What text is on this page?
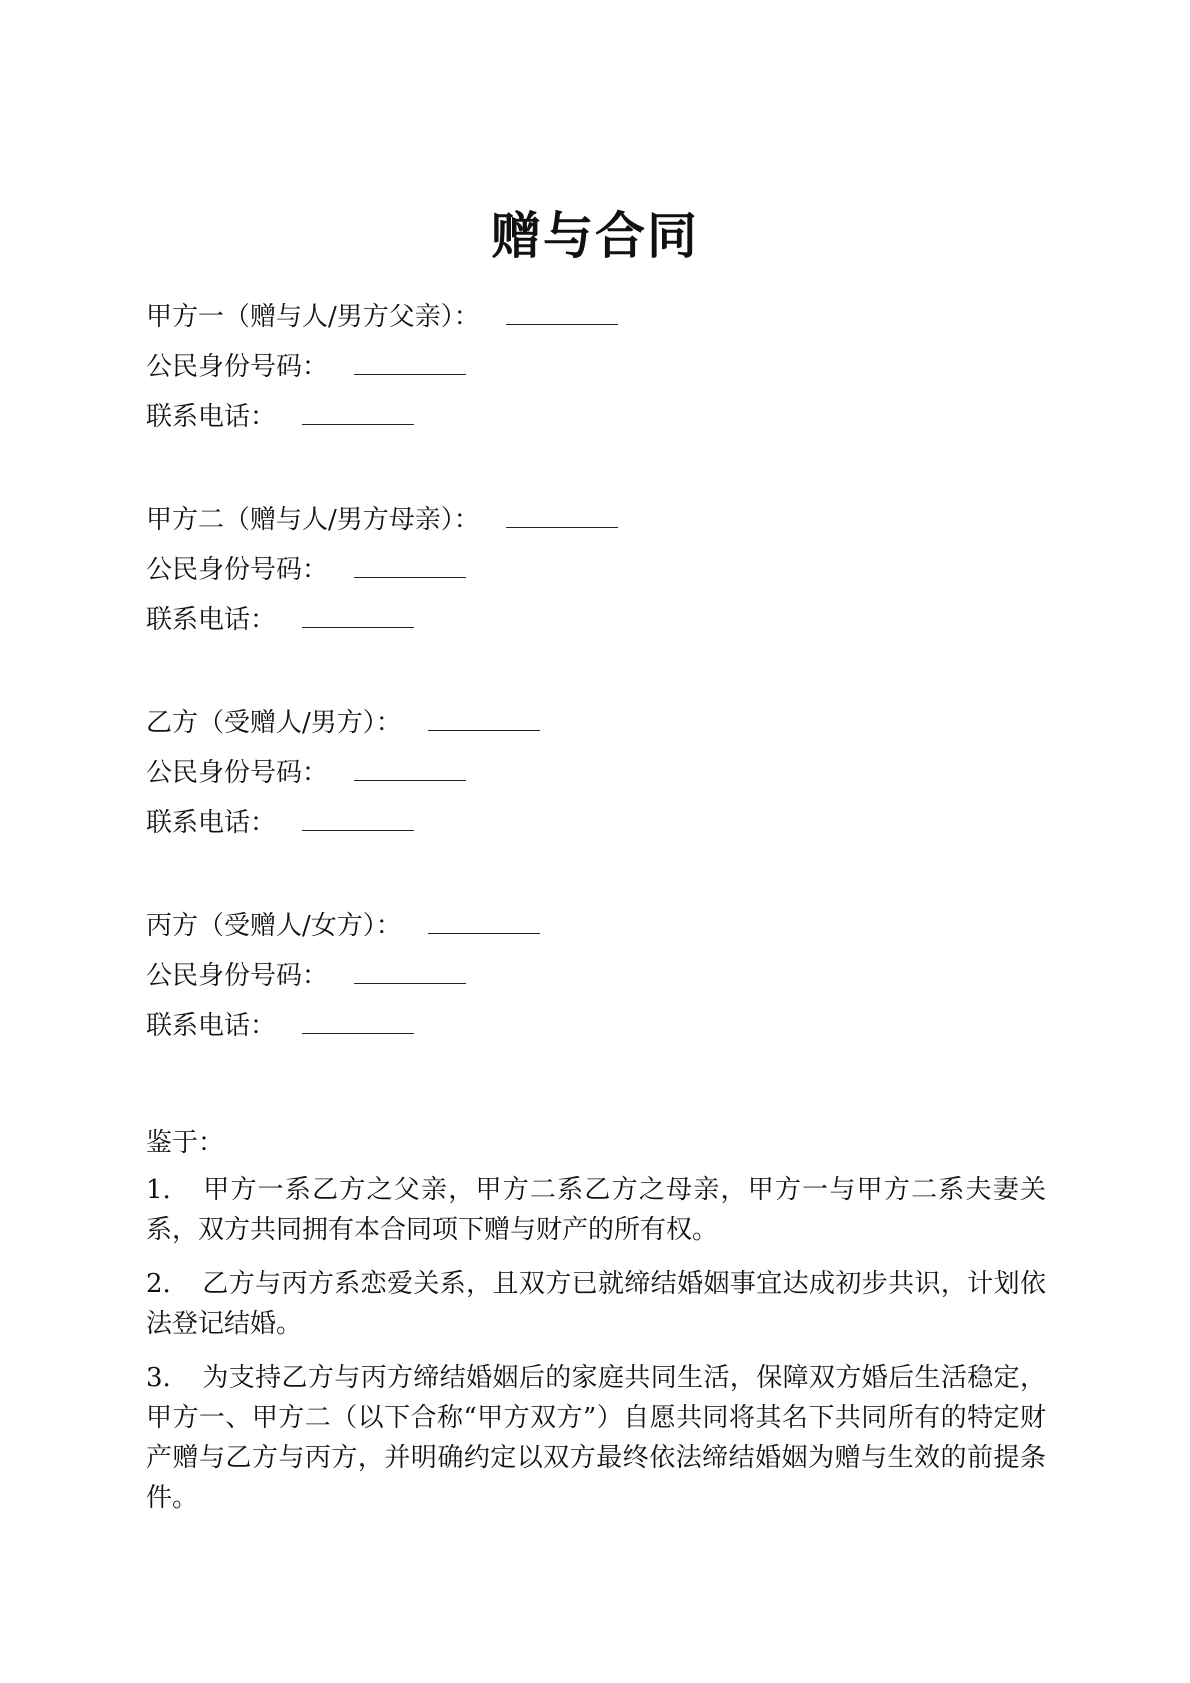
赠与合同
甲方一（赠与人/男方父亲）：
公民身份号码：
联系电话：
甲方二（赠与人/男方母亲）：
公民身份号码：
联系电话：
乙方（受赠人/男方）：
公民身份号码：
联系电话：
丙方（受赠人/女方）：
公民身份号码：
联系电话：
鉴于：
1. 甲方一系乙方之父亲，甲方二系乙方之母亲，甲方一与甲方二系夫妻关系，双方共同拥有本合同项下赠与财产的所有权。
2. 乙方与丙方系恋爱关系，且双方已就缔结婚姻事宜达成初步共识，计划依法登记结婚。
3. 为支持乙方与丙方缔结婚姻后的家庭共同生活，保障双方婚后生活稳定，甲方一、甲方二（以下合称“甲方双方”）自愿共同将其名下共同所有的特定财产赠与乙方与丙方，并明确约定以双方最终依法缔结婚姻为赠与生效的前提条件。
